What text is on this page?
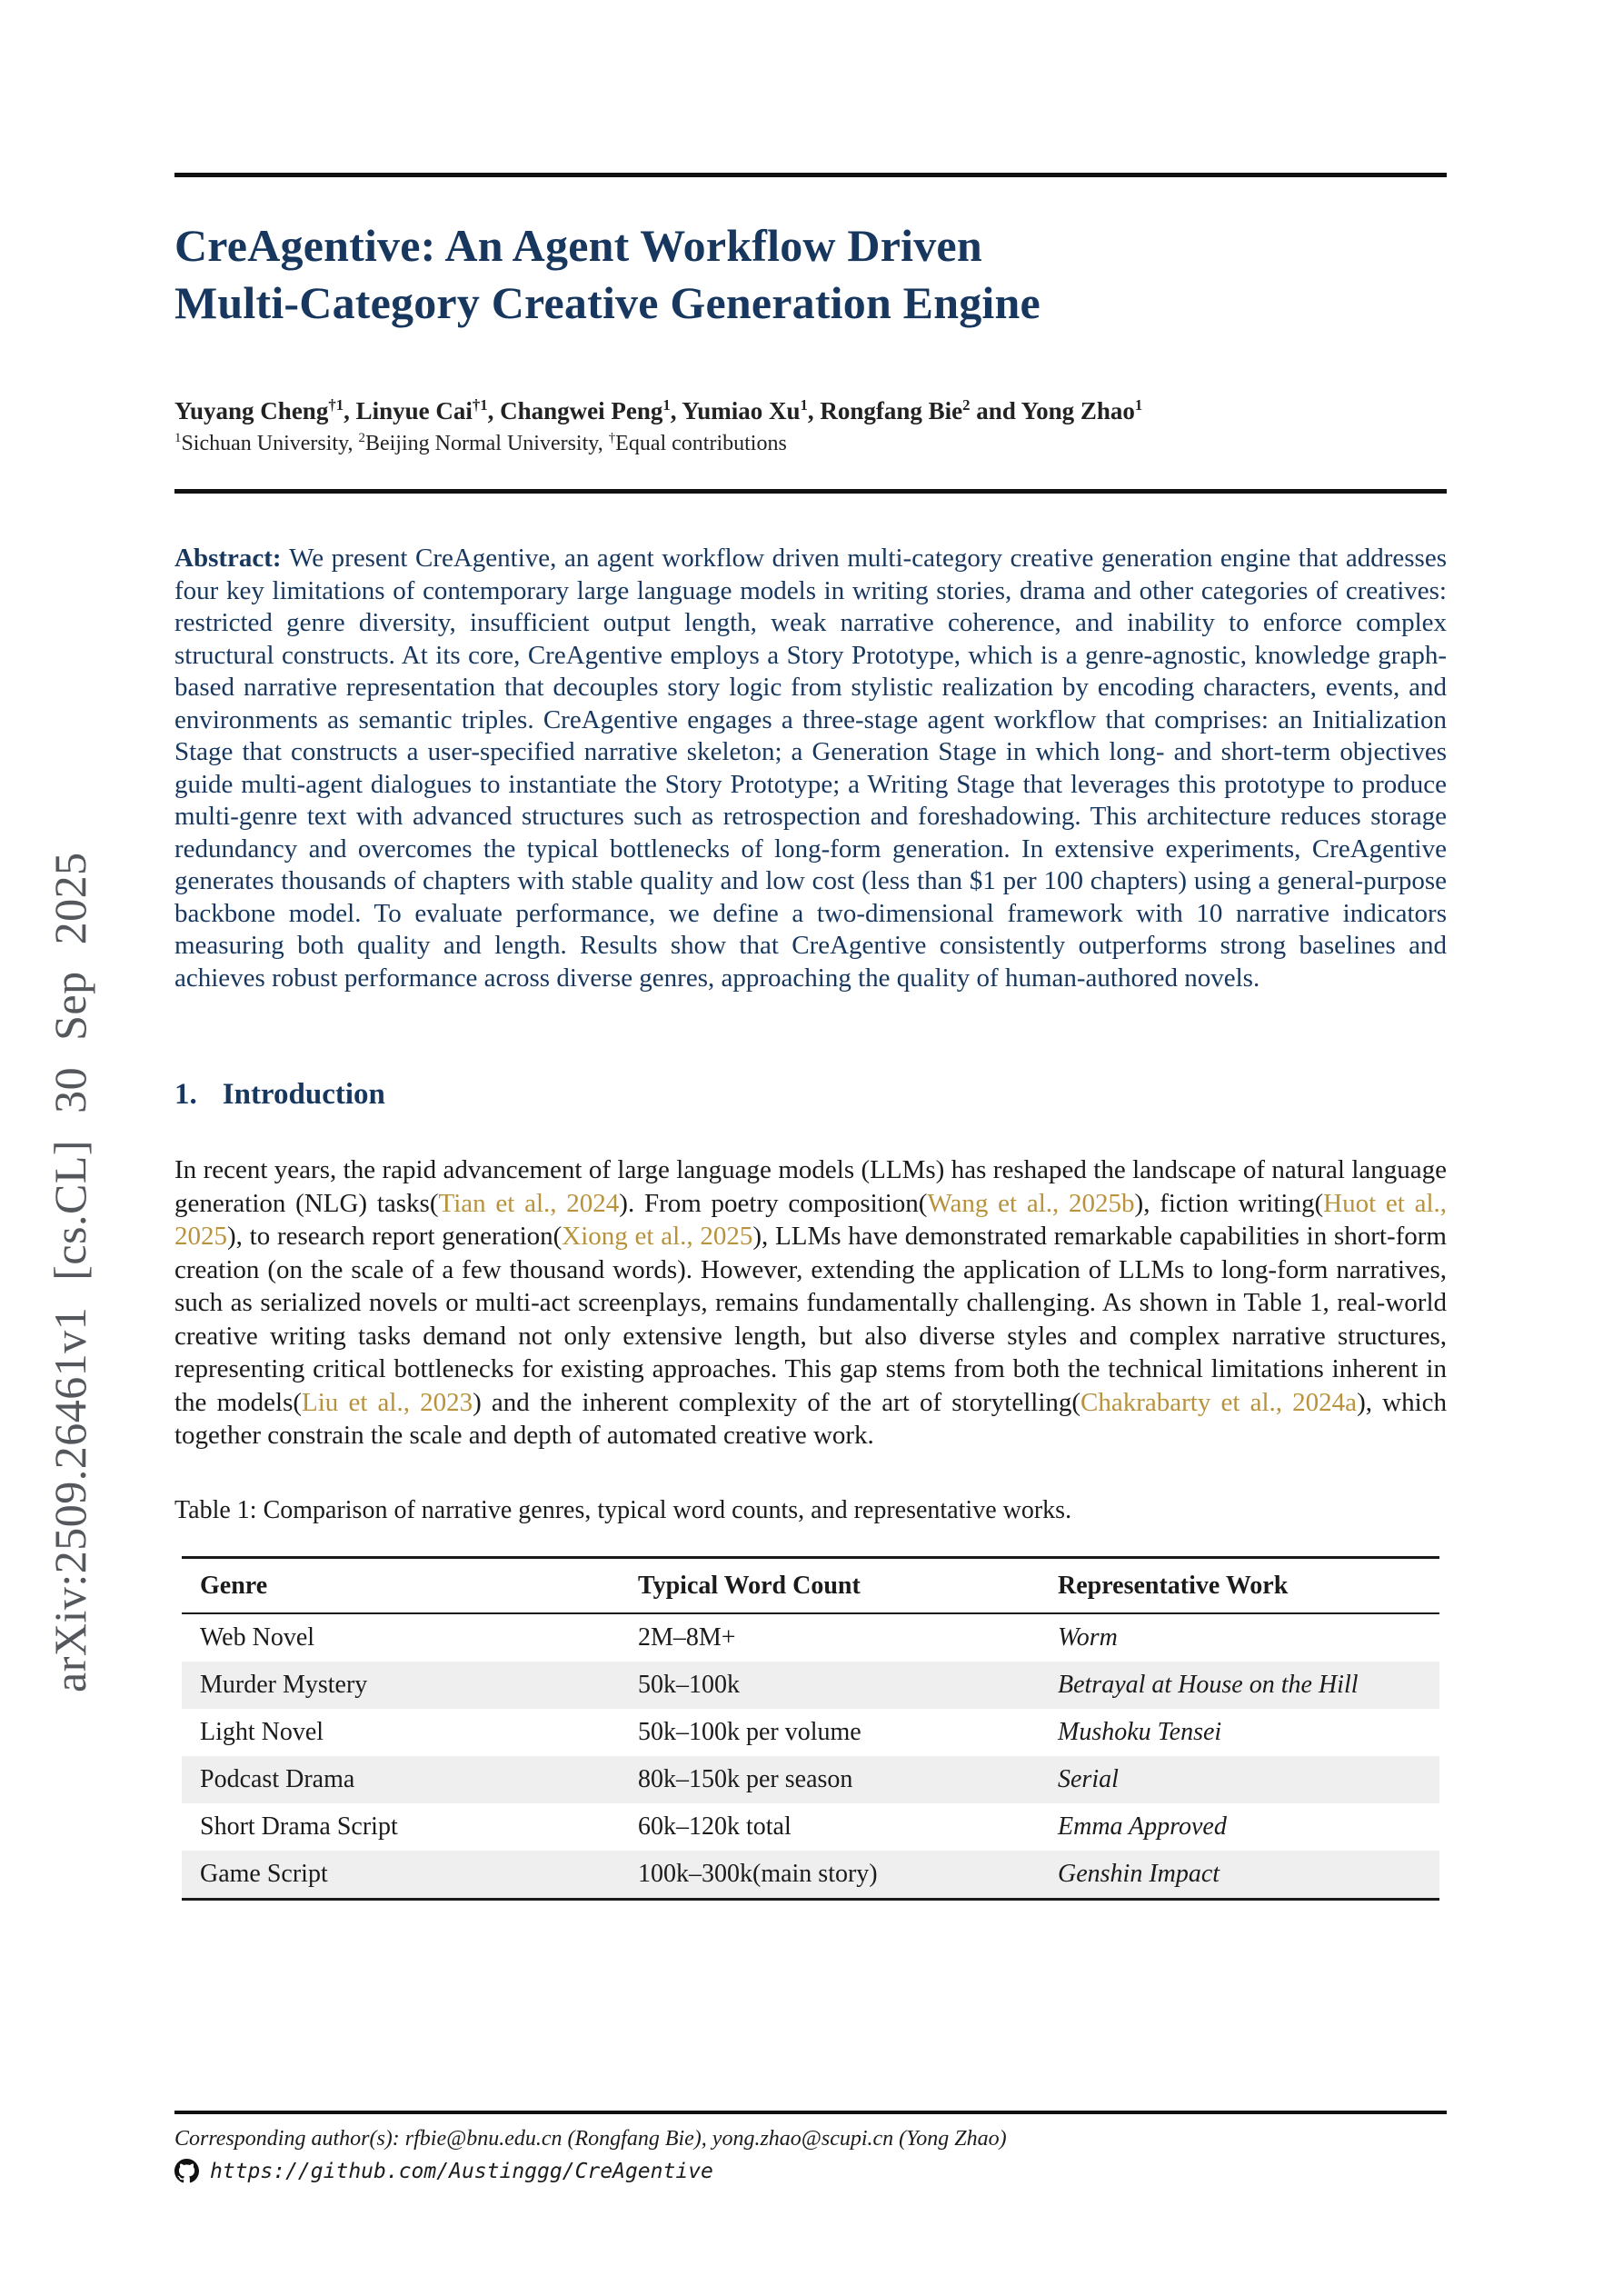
arXiv:2509.26461v1 [cs.CL] 30 Sep 2025
CreAgentive: An Agent Workflow Driven
Multi-Category Creative Generation Engine
Yuyang Cheng$^{\dagger 1}$, Linyue Cai$^{\dagger 1}$, Changwei Peng$^1$, Yumiao Xu$^1$, Rongfang Bie$^2$ and Yong Zhao$^1$
$^1$Sichuan University, $^2$Beijing Normal University, †Equal contributions

Abstract: We present CreAgentive, an agent workflow driven multi-category creative generation engine that addresses four key limitations of contemporary large language models in writing stories, drama and other categories of creatives: restricted genre diversity, insufficient output length, weak narrative coherence, and inability to enforce complex structural constructs. At its core, CreAgentive employs a Story Prototype, which is a genre-agnostic, knowledge graph-based narrative representation that decouples story logic from stylistic realization by encoding characters, events, and environments as semantic triples. CreAgentive engages a three-stage agent workflow that comprises: an Initialization Stage that constructs a user-specified narrative skeleton; a Generation Stage in which long- and short-term objectives guide multi-agent dialogues to instantiate the Story Prototype; a Writing Stage that leverages this prototype to produce multi-genre text with advanced structures such as retrospection and foreshadowing. This architecture reduces storage redundancy and overcomes the typical bottlenecks of long-form generation. In extensive experiments, CreAgentive generates thousands of chapters with stable quality and low cost (less than $1 per 100 chapters) using a general-purpose backbone model. To evaluate performance, we define a two-dimensional framework with 10 narrative indicators measuring both quality and length. Results show that CreAgentive consistently outperforms strong baselines and achieves robust performance across diverse genres, approaching the quality of human-authored novels.

1. Introduction

In recent years, the rapid advancement of large language models (LLMs) has reshaped the landscape of natural language generation (NLG) tasks(Tian et al., 2024). From poetry composition(Wang et al., 2025b), fiction writing(Huot et al., 2025), to research report generation(Xiong et al., 2025), LLMs have demonstrated remarkable capabilities in short-form creation (on the scale of a few thousand words). However, extending the application of LLMs to long-form narratives, such as serialized novels or multi-act screenplays, remains fundamentally challenging. As shown in Table 1, real-world creative writing tasks demand not only extensive length, but also diverse styles and complex narrative structures, representing critical bottlenecks for existing approaches. This gap stems from both the technical limitations inherent in the models(Liu et al., 2023) and the inherent complexity of the art of storytelling(Chakrabarty et al., 2024a), which together constrain the scale and depth of automated creative work.

Table 1: Comparison of narrative genres, typical word counts, and representative works.

Genre	Typical Word Count	Representative Work
Web Novel	2M–8M+	Worm
Murder Mystery	50k–100k	Betrayal at House on the Hill
Light Novel	50k–100k per volume	Mushoku Tensei
Podcast Drama	80k–150k per season	Serial
Short Drama Script	60k–120k total	Emma Approved
Game Script	100k–300k(main story)	Genshin Impact

Corresponding author(s): rfbie@bnu.edu.cn (Rongfang Bie), yong.zhao@scupi.cn (Yong Zhao)

https://github.com/Austinggg/CreAgentive
